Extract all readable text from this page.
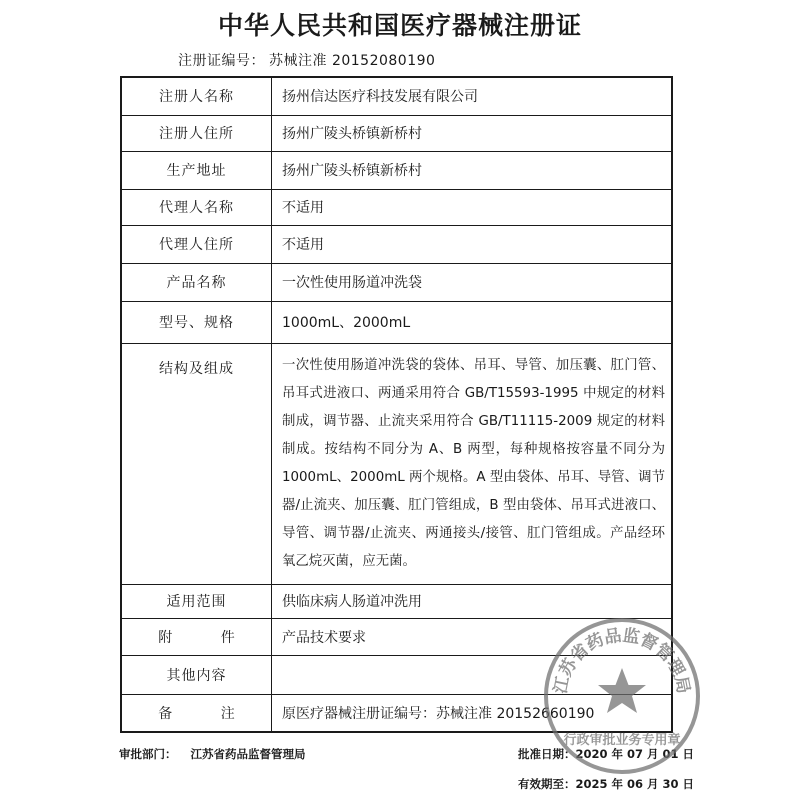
中华人民共和国医疗器械注册证
注册证编号： 苏械注准 20152080190
注册人名称	扬州信达医疗科技发展有限公司
注册人住所	扬州广陵头桥镇新桥村
生产地址	扬州广陵头桥镇新桥村
代理人名称	不适用
代理人住所	不适用
产品名称	一次性使用肠道冲洗袋
型号、规格	1000mL、2000mL
结构及组成	一次性使用肠道冲洗袋的袋体、吊耳、导管、加压囊、肛门管、吊耳式进液口、两通采用符合 GB/T15593-1995 中规定的材料制成，调节器、止流夹采用符合 GB/T11115-2009 规定的材料制成。按结构不同分为 A、B 两型，每种规格按容量不同分为 1000mL、2000mL 两个规格。A 型由袋体、吊耳、导管、调节器/止流夹、加压囊、肛门管组成，B 型由袋体、吊耳式进液口、导管、调节器/止流夹、两通接头/接管、肛门管组成。产品经环氧乙烷灭菌，应无菌。

适用范围	供临床病人肠道冲洗用
附 件	产品技术要求
其他内容	
备 注	原医疗器械注册证编号：苏械注准 20152660190
审批部门： 江苏省药品监督管理局	批准日期：2020 年 07 月 01 日
有效期至：2025 年 06 月 30 日
江苏省药品监督管理局
行政审批业务专用章
